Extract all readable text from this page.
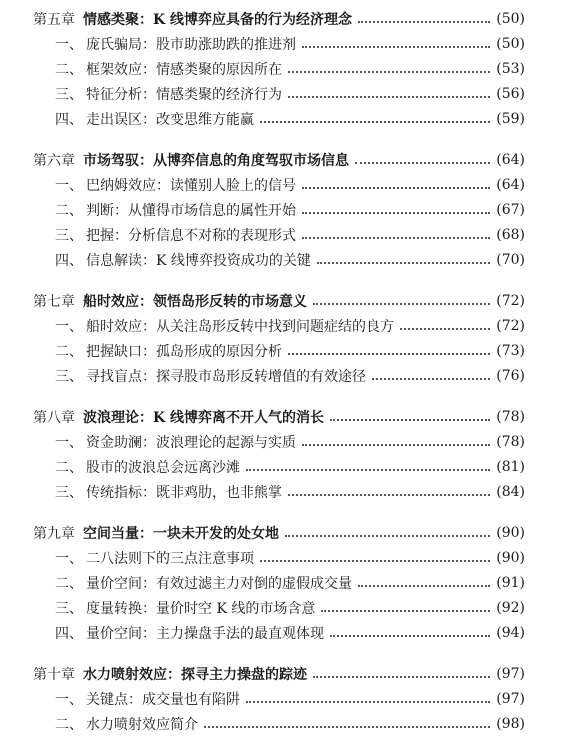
第五章 情感类聚：K 线博弈应具备的行为经济理念	(50)
一、 庞氏骗局：股市助涨助跌的推进剂	(50)
二、 框架效应：情感类聚的原因所在	(53)
三、 特征分析：情感类聚的经济行为	(56)
四、 走出误区：改变思维方能赢	(59)
第六章 市场驾驭：从博弈信息的角度驾驭市场信息	(64)
一、 巴纳姆效应：读懂别人脸上的信号	(64)
二、 判断：从懂得市场信息的属性开始	(67)
三、 把握：分析信息不对称的表现形式	(68)
四、 信息解读：K 线博弈投资成功的关键	(70)
第七章 船时效应：领悟岛形反转的市场意义	(72)
一、 船时效应：从关注岛形反转中找到问题症结的良方	(72)
二、 把握缺口：孤岛形成的原因分析	(73)
三、 寻找盲点：探寻股市岛形反转增值的有效途径	(76)
第八章 波浪理论：K 线博弈离不开人气的消长	(78)
一、 资金助澜：波浪理论的起源与实质	(78)
二、 股市的波浪总会远离沙滩	(81)
三、 传统指标：既非鸡肋，也非熊掌	(84)
第九章 空间当量：一块未开发的处女地	(90)
一、 二八法则下的三点注意事项	(90)
二、 量价空间：有效过滤主力对倒的虚假成交量	(91)
三、 度量转换：量价时空 K 线的市场含意	(92)
四、 量价空间：主力操盘手法的最直观体现	(94)
第十章 水力喷射效应：探寻主力操盘的踪迹	(97)
一、 关键点：成交量也有陷阱	(97)
二、 水力喷射效应简介	(98)
